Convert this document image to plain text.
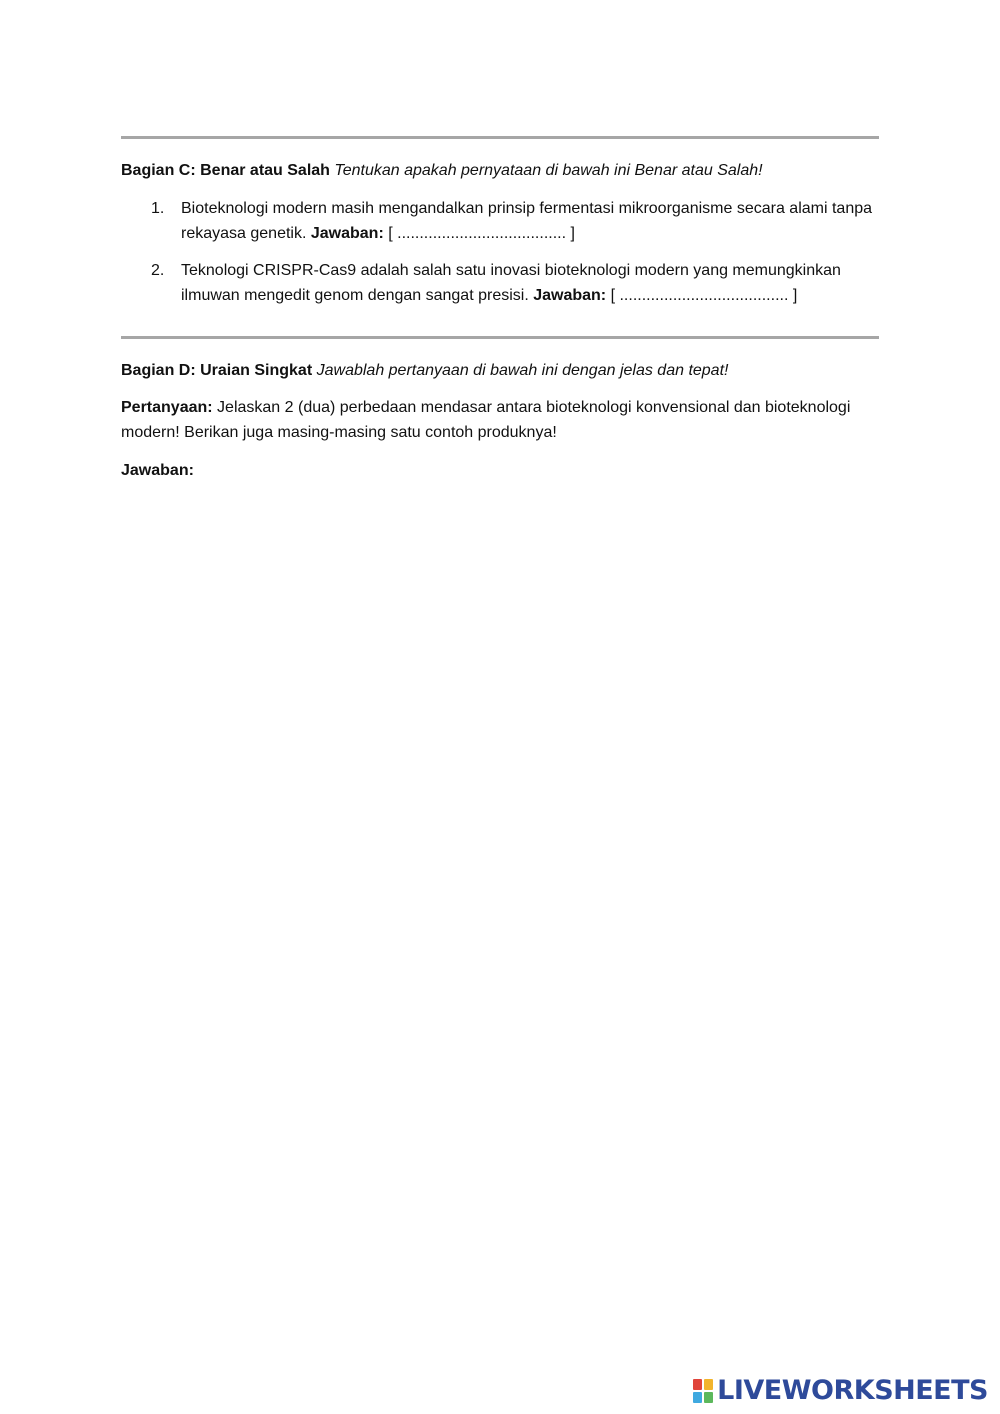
Bagian C: Benar atau Salah Tentukan apakah pernyataan di bawah ini Benar atau Salah!

1. Bioteknologi modern masih mengandalkan prinsip fermentasi mikroorganisme secara alami tanpa rekayasa genetik. Jawaban: [ ...................................... ]
2. Teknologi CRISPR-Cas9 adalah salah satu inovasi bioteknologi modern yang memungkinkan ilmuwan mengedit genom dengan sangat presisi. Jawaban: [ ...................................... ]

Bagian D: Uraian Singkat Jawablah pertanyaan di bawah ini dengan jelas dan tepat!

Pertanyaan: Jelaskan 2 (dua) perbedaan mendasar antara bioteknologi konvensional dan bioteknologi modern! Berikan juga masing-masing satu contoh produknya!

Jawaban:

LIVEWORKSHEETS
